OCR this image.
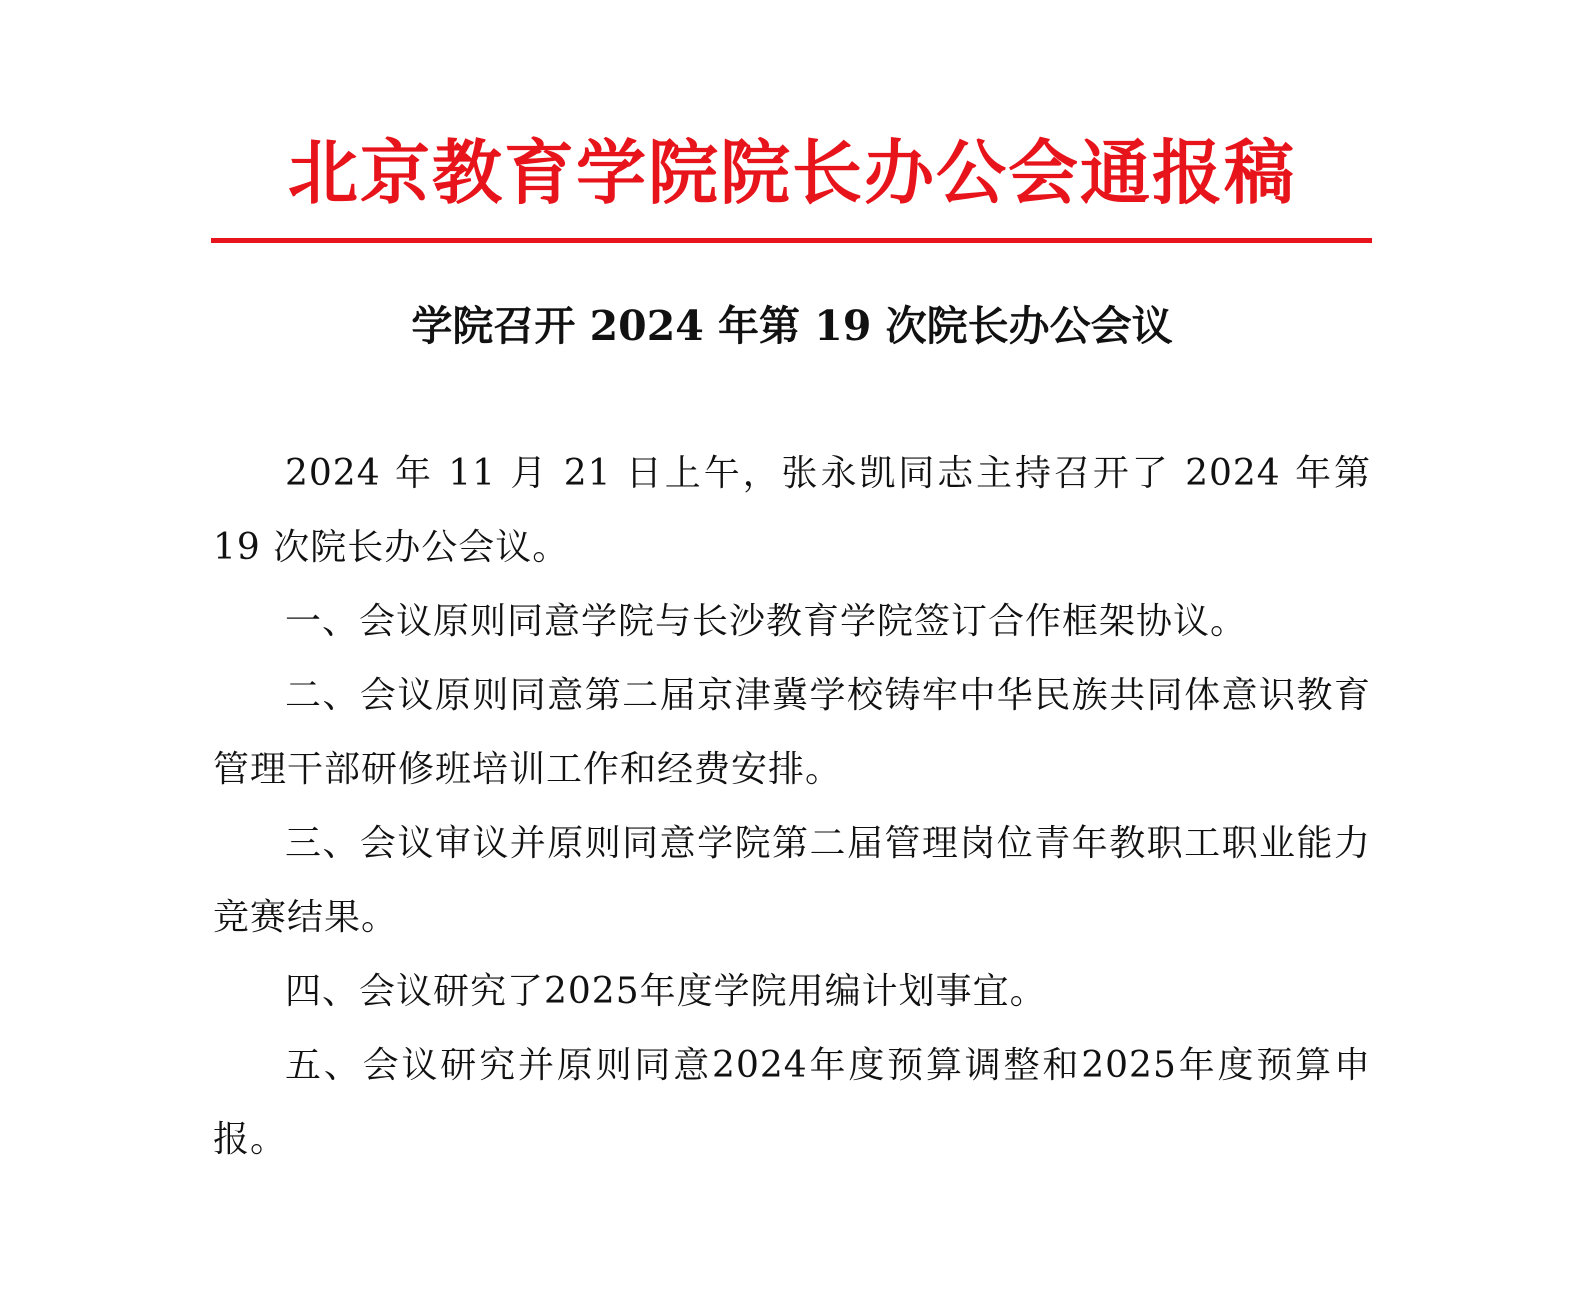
北京教育学院院长办公会通报稿
学院召开 2024 年第 19 次院长办公会议

2024 年 11 月 21 日上午，张永凯同志主持召开了 2024 年第 19 次院长办公会议。

一、会议原则同意学院与长沙教育学院签订合作框架协议。

二、会议原则同意第二届京津冀学校铸牢中华民族共同体意识教育管理干部研修班培训工作和经费安排。

三、会议审议并原则同意学院第二届管理岗位青年教职工职业能力竞赛结果。

四、会议研究了2025年度学院用编计划事宜。

五、会议研究并原则同意2024年度预算调整和2025年度预算申报。
